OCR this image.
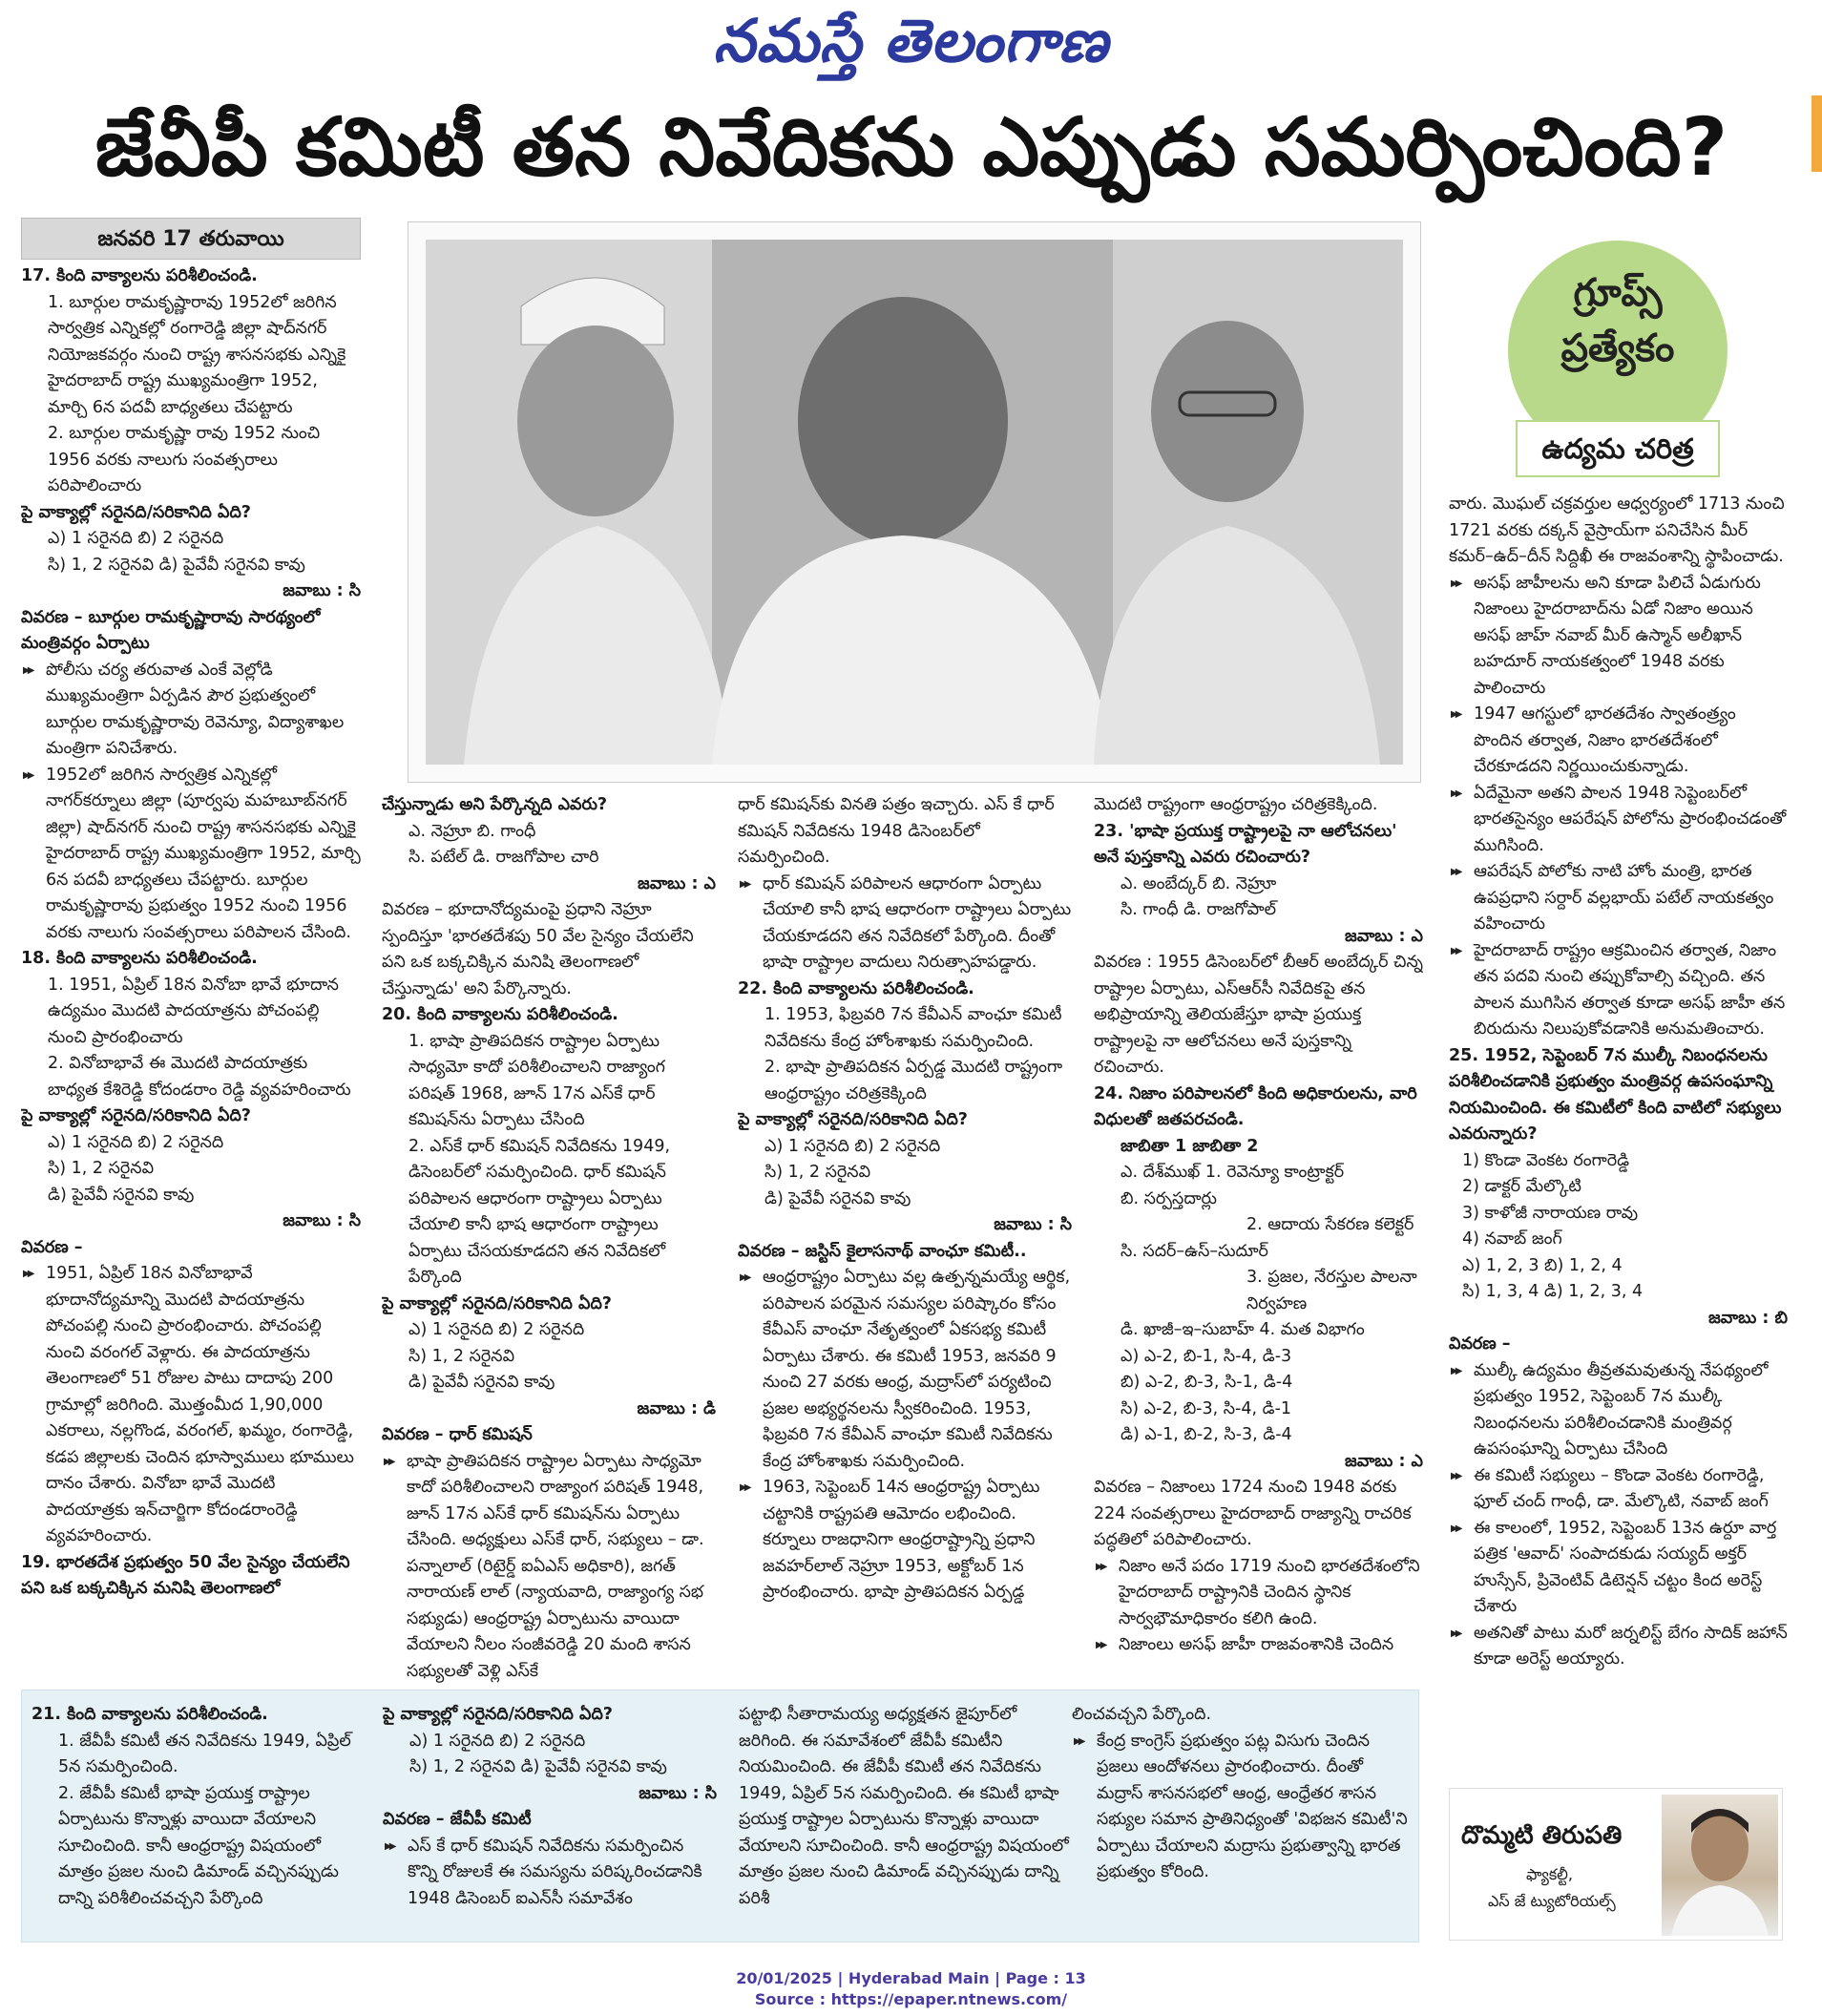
నమస్తే తెలంగాణ
జేవీపీ కమిటీ తన నివేదికను ఎప్పుడు సమర్పించింది?
జనవరి 17 తరువాయి

17. కింది వాక్యాలను పరిశీలించండి.

1. బూర్గుల రామకృష్ణారావు 1952లో జరిగిన సార్వత్రిక ఎన్నికల్లో రంగారెడ్డి జిల్లా షాద్‌నగర్ నియోజకవర్గం నుంచి రాష్ట్ర శాసనసభకు ఎన్నికై హైదరాబాద్ రాష్ట్ర ముఖ్యమంత్రిగా 1952, మార్చి 6న పదవీ బాధ్యతలు చేపట్టారు

2. బూర్గుల రామకృష్ణా రావు 1952 నుంచి 1956 వరకు నాలుగు సంవత్సరాలు పరిపాలించారు

పై వాక్యాల్లో సరైనది/సరికానిది ఏది?

ఎ) 1 సరైనది బి) 2 సరైనది

సి) 1, 2 సరైనవి డి) పైవేవీ సరైనవి కావు

జవాబు : సి

వివరణ – బూర్గుల రామకృష్ణారావు సారథ్యంలో మంత్రివర్గం ఏర్పాటు

▶▶ పోలీసు చర్య తరువాత ఎంకే వెల్లోడి ముఖ్యమంత్రిగా ఏర్పడిన పౌర ప్రభుత్వంలో బూర్గుల రామకృష్ణారావు రెవెన్యూ, విద్యాశాఖల మంత్రిగా పనిచేశారు.

▶▶ 1952లో జరిగిన సార్వత్రిక ఎన్నికల్లో నాగర్‌కర్నూలు జిల్లా (పూర్వపు మహబూబ్‌నగర్ జిల్లా) షాద్‌నగర్ నుంచి రాష్ట్ర శాసనసభకు ఎన్నికై హైదరాబాద్ రాష్ట్ర ముఖ్యమంత్రిగా 1952, మార్చి 6న పదవీ బాధ్యతలు చేపట్టారు. బూర్గుల రామకృష్ణారావు ప్రభుత్వం 1952 నుంచి 1956 వరకు నాలుగు సంవత్సరాలు పరిపాలన చేసింది.

18. కింది వాక్యాలను పరిశీలించండి.

1. 1951, ఏప్రిల్ 18న వినోబా భావే భూదాన ఉద్యమం మొదటి పాదయాత్రను పోచంపల్లి నుంచి ప్రారంభించారు

2. వినోబాభావే ఈ మొదటి పాదయాత్రకు బాధ్యత కేశిరెడ్డి కోదండరాం రెడ్డి వ్యవహరించారు

పై వాక్యాల్లో సరైనది/సరికానిది ఏది?

ఎ) 1 సరైనది బి) 2 సరైనది

సి) 1, 2 సరైనవి

డి) పైవేవీ సరైనవి కావు

జవాబు : సి

వివరణ –

▶▶ 1951, ఏప్రిల్ 18న వినోబాభావే భూదానోద్యమాన్ని మొదటి పాదయాత్రను పోచంపల్లి నుంచి ప్రారంభించారు. పోచంపల్లి నుంచి వరంగల్ వెళ్లారు. ఈ పాదయాత్రను తెలంగాణలో 51 రోజుల పాటు దాదాపు 200 గ్రామాల్లో జరిగింది. మొత్తంమీద 1,90,000 ఎకరాలు, నల్లగొండ, వరంగల్, ఖమ్మం, రంగారెడ్డి, కడప జిల్లాలకు చెందిన భూస్వాములు భూములు దానం చేశారు. వినోబా భావే మొదటి పాదయాత్రకు ఇన్‌చార్జిగా కోదండరాంరెడ్డి వ్యవహరించారు.

19. భారతదేశ ప్రభుత్వం 50 వేల సైన్యం చేయలేని పని ఒక బక్కచిక్కిన మనిషి తెలంగాణలో

గ్రూప్స్
ప్రత్యేకం
ఉద్యమ చరిత్ర

చేస్తున్నాడు అని పేర్కొన్నది ఎవరు?

ఎ. నెహ్రూ బి. గాంధీ

సి. పటేల్ డి. రాజగోపాల చారి

జవాబు : ఎ

వివరణ – భూదానోద్యమంపై ప్రధాని నెహ్రూ స్పందిస్తూ 'భారతదేశపు 50 వేల సైన్యం చేయలేని పని ఒక బక్కచిక్కిన మనిషి తెలంగాణలో చేస్తున్నాడు' అని పేర్కొన్నారు.

20. కింది వాక్యాలను పరిశీలించండి.

1. భాషా ప్రాతిపదికన రాష్ట్రాల ఏర్పాటు సాధ్యమో కాదో పరిశీలించాలని రాజ్యాంగ పరిషత్ 1968, జూన్ 17న ఎస్‌కే ధార్ కమిషన్‌ను ఏర్పాటు చేసింది

2. ఎస్‌కే ధార్ కమిషన్ నివేదికను 1949, డిసెంబర్‌లో సమర్పించింది. ధార్ కమిషన్ పరిపాలన ఆధారంగా రాష్ట్రాలు ఏర్పాటు చేయాలి కానీ భాష ఆధారంగా రాష్ట్రాలు ఏర్పాటు చేసయకూడదని తన నివేదికలో పేర్కొంది

పై వాక్యాల్లో సరైనది/సరికానిది ఏది?

ఎ) 1 సరైనది బి) 2 సరైనది

సి) 1, 2 సరైనవి

డి) పైవేవీ సరైనవి కావు

జవాబు : డి

వివరణ – ధార్ కమిషన్

▶▶ భాషా ప్రాతిపదికన రాష్ట్రాల ఏర్పాటు సాధ్యమో కాదో పరిశీలించాలని రాజ్యాంగ పరిషత్ 1948, జూన్ 17న ఎస్‌కే ధార్ కమిషన్‌ను ఏర్పాటు చేసింది. అధ్యక్షులు ఎస్‌కే ధార్, సభ్యులు – డా. పన్నాలాల్ (రిటైర్డ్ ఐఏఎస్ అధికారి), జగత్ నారాయణ్ లాల్ (న్యాయవాది, రాజ్యాంగ్య సభ సభ్యుడు) ఆంధ్రరాష్ట్ర ఏర్పాటును వాయిదా వేయాలని నీలం సంజీవరెడ్డి 20 మంది శాసన సభ్యులతో వెళ్లి ఎస్‌కే

ధార్ కమిషన్‌కు వినతి పత్రం ఇచ్చారు. ఎస్ కే ధార్ కమిషన్ నివేదికను 1948 డిసెంబర్‌లో సమర్పించింది.

▶▶ ధార్ కమిషన్ పరిపాలన ఆధారంగా ఏర్పాటు చేయాలి కానీ భాష ఆధారంగా రాష్ట్రాలు ఏర్పాటు చేయకూడదని తన నివేదికలో పేర్కొంది. దీంతో భాషా రాష్ట్రాల వాదులు నిరుత్సాహపడ్డారు.

22. కింది వాక్యాలను పరిశీలించండి.

1. 1953, ఫిబ్రవరి 7న కేవీఎన్ వాంఛూ కమిటీ నివేదికను కేంద్ర హోంశాఖకు సమర్పించింది.

2. భాషా ప్రాతిపదికన ఏర్పడ్డ మొదటి రాష్ట్రంగా ఆంధ్రరాష్ట్రం చరిత్రకెక్కింది

పై వాక్యాల్లో సరైనది/సరికానిది ఏది?

ఎ) 1 సరైనది బి) 2 సరైనది

సి) 1, 2 సరైనవి

డి) పైవేవీ సరైనవి కావు

జవాబు : సి

వివరణ – జస్టిస్ కైలాసనాథ్ వాంఛూ కమిటీ..

▶▶ ఆంధ్రరాష్ట్రం ఏర్పాటు వల్ల ఉత్పన్నమయ్యే ఆర్థిక, పరిపాలన పరమైన సమస్యల పరిష్కారం కోసం కేవీఎస్ వాంఛూ నేతృత్వంలో ఏకసభ్య కమిటీ ఏర్పాటు చేశారు. ఈ కమిటీ 1953, జనవరి 9 నుంచి 27 వరకు ఆంధ్ర, మద్రాస్‌లో పర్యటించి ప్రజల అభ్యర్థనలను స్వీకరించింది. 1953, ఫిబ్రవరి 7న కేవీఎన్ వాంఛూ కమిటీ నివేదికను కేంద్ర హోంశాఖకు సమర్పించింది.

▶▶ 1963, సెప్టెంబర్ 14న ఆంధ్రరాష్ట్ర ఏర్పాటు చట్టానికి రాష్ట్రపతి ఆమోదం లభించింది. కర్నూలు రాజధానిగా ఆంధ్రరాష్ట్రాన్ని ప్రధాని జవహర్‌లాల్ నెహ్రూ 1953, అక్టోబర్ 1న ప్రారంభించారు. భాషా ప్రాతిపదికన ఏర్పడ్డ

మొదటి రాష్ట్రంగా ఆంధ్రరాష్ట్రం చరిత్రకెక్కింది.

23. 'భాషా ప్రయుక్త రాష్ట్రాలపై నా ఆలోచనలు' అనే పుస్తకాన్ని ఎవరు రచించారు?

ఎ. అంబేద్కర్ బి. నెహ్రూ

సి. గాంధీ డి. రాజగోపాల్

జవాబు : ఎ

వివరణ : 1955 డిసెంబర్‌లో బీఆర్ అంబేద్కర్ చిన్న రాష్ట్రాల ఏర్పాటు, ఎస్ఆర్‌సీ నివేదికపై తన అభిప్రాయాన్ని తెలియజేస్తూ భాషా ప్రయుక్త రాష్ట్రాలపై నా ఆలోచనలు అనే పుస్తకాన్ని రచించారు.

24. నిజాం పరిపాలనలో కింది అధికారులను, వారి విధులతో జతపరచండి.

జాబితా 1 జాబితా 2

ఎ. దేశ్‌ముఖ్ 1. రెవెన్యూ కాంట్రాక్టర్

బి. సర్పస్తదార్లు

2. ఆదాయ సేకరణ కలెక్టర్

సి. సదర్–ఉస్–సుదూర్

3. ప్రజల, నేరస్తుల పాలనా నిర్వహణ

డి. ఖాజీ–ఇ–సుబాహ్ 4. మత విభాగం

ఎ) ఎ-2, బి-1, సి-4, డి-3

బి) ఎ-2, బి-3, సి-1, డి-4

సి) ఎ-2, బి-3, సి-4, డి-1

డి) ఎ-1, బి-2, సి-3, డి-4

జవాబు : ఎ

వివరణ – నిజాంలు 1724 నుంచి 1948 వరకు 224 సంవత్సరాలు హైదరాబాద్ రాజ్యాన్ని రాచరిక పద్ధతిలో పరిపాలించారు.

▶▶ నిజాం అనే పదం 1719 నుంచి భారతదేశంలోని హైదరాబాద్ రాష్ట్రానికి చెందిన స్థానిక సార్వభౌమాధికారం కలిగి ఉంది.

▶▶ నిజాంలు అసఫ్ జాహీ రాజవంశానికి చెందిన

వారు. మొఘల్ చక్రవర్తుల ఆధ్వర్యంలో 1713 నుంచి 1721 వరకు దక్కన్ వైస్రాయ్‌గా పనిచేసిన మీర్ కమర్–ఉద్–దీన్ సిద్దిఖీ ఈ రాజవంశాన్ని స్థాపించాడు.

▶▶ అసఫ్ జాహీలను అని కూడా పిలిచే ఏడుగురు నిజాంలు హైదరాబాద్‌ను ఏడో నిజాం అయిన అసఫ్ జాహ్ నవాబ్ మీర్ ఉస్మాన్ అలీఖాన్ బహదూర్ నాయకత్వంలో 1948 వరకు పాలించారు

▶▶ 1947 ఆగస్టులో భారతదేశం స్వాతంత్ర్యం పొందిన తర్వాత, నిజాం భారతదేశంలో చేరకూడదని నిర్ణయించుకున్నాడు.

▶▶ ఏదేమైనా అతని పాలన 1948 సెప్టెంబర్‌లో భారతసైన్యం ఆపరేషన్ పోలోను ప్రారంభించడంతో ముగిసింది.

▶▶ ఆపరేషన్ పోలోకు నాటి హోం మంత్రి, భారత ఉపప్రధాని సర్దార్ వల్లభాయ్ పటేల్ నాయకత్వం వహించారు

▶▶ హైదరాబాద్ రాష్ట్రం ఆక్రమించిన తర్వాత, నిజాం తన పదవి నుంచి తప్పుకోవాల్సి వచ్చింది. తన పాలన ముగిసిన తర్వాత కూడా అసఫ్ జాహీ తన బిరుదును నిలుపుకోవడానికి అనుమతించారు.

25. 1952, సెప్టెంబర్ 7న ముల్కీ నిబంధనలను పరిశీలించడానికి ప్రభుత్వం మంత్రివర్గ ఉపసంఘాన్ని నియమించింది. ఈ కమిటీలో కింది వాటిలో సభ్యులు ఎవరున్నారు?

1) కొండా వెంకట రంగారెడ్డి

2) డాక్టర్ మేల్కొటి

3) కాళోజీ నారాయణ రావు

4) నవాబ్ జంగ్

ఎ) 1, 2, 3 బి) 1, 2, 4

సి) 1, 3, 4 డి) 1, 2, 3, 4

జవాబు : బి

వివరణ –

▶▶ ముల్కీ ఉద్యమం తీవ్రతమవుతున్న నేపథ్యంలో ప్రభుత్వం 1952, సెప్టెంబర్ 7న ముల్కీ నిబంధనలను పరిశీలించడానికి మంత్రివర్గ ఉపసంఘాన్ని ఏర్పాటు చేసింది

▶▶ ఈ కమిటీ సభ్యులు – కొండా వెంకట రంగారెడ్డి, ఫూల్ చంద్ గాంధీ, డా. మేల్కొటి, నవాబ్ జంగ్

▶▶ ఈ కాలంలో, 1952, సెప్టెంబర్ 13న ఉర్దూ వార్త పత్రిక 'ఆవాద్' సంపాదకుడు సయ్యద్ అక్తర్ హుస్సేన్, ప్రివెంటివ్ డిటెన్షన్ చట్టం కింద అరెస్ట్ చేశారు

▶▶ అతనితో పాటు మరో జర్నలిస్ట్ బేగం సాదిక్ జహాన్ కూడా అరెస్ట్ అయ్యారు.

21. కింది వాక్యాలను పరిశీలించండి.

1. జేవీపీ కమిటీ తన నివేదికను 1949, ఏప్రిల్ 5న సమర్పించింది.

2. జేవీపీ కమిటీ భాషా ప్రయుక్త రాష్ట్రాల ఏర్పాటును కొన్నాళ్లు వాయిదా వేయాలని సూచించింది. కానీ ఆంధ్రరాష్ట్ర విషయంలో మాత్రం ప్రజల నుంచి డిమాండ్ వచ్చినప్పుడు దాన్ని పరిశీలించవచ్చని పేర్కొంది

పై వాక్యాల్లో సరైనది/సరికానిది ఏది?

ఎ) 1 సరైనది బి) 2 సరైనది

సి) 1, 2 సరైనవి డి) పైవేవీ సరైనవి కావు

జవాబు : సి

వివరణ – జేవీపీ కమిటీ

▶▶ ఎస్ కే ధార్ కమిషన్ నివేదికను సమర్పించిన కొన్ని రోజులకే ఈ సమస్యను పరిష్కరించడానికి 1948 డిసెంబర్ ఐఎన్‌సీ సమావేశం

పట్టాభి సీతారామయ్య అధ్యక్షతన జైపూర్‌లో జరిగింది. ఈ సమావేశంలో జేవీపీ కమిటీని నియమించింది. ఈ జేవీపీ కమిటీ తన నివేదికను 1949, ఏప్రిల్ 5న సమర్పించింది. ఈ కమిటీ భాషా ప్రయుక్త రాష్ట్రాల ఏర్పాటును కొన్నాళ్లు వాయిదా వేయాలని సూచించింది. కానీ ఆంధ్రరాష్ట్ర విషయంలో మాత్రం ప్రజల నుంచి డిమాండ్ వచ్చినప్పుడు దాన్ని పరిశీ

లించవచ్చని పేర్కొంది.

▶▶ కేంద్ర కాంగ్రెస్ ప్రభుత్వం పట్ల విసుగు చెందిన ప్రజలు ఆందోళనలు ప్రారంభించారు. దీంతో మద్రాస్ శాసనసభలో ఆంధ్ర, ఆంధ్రేతర శాసన సభ్యుల సమాన ప్రాతినిధ్యంతో 'విభజన కమిటీ'ని ఏర్పాటు చేయాలని మద్రాసు ప్రభుత్వాన్ని భారత ప్రభుత్వం కోరింది.

దొమ్మటి తిరుపతి
ఫ్యాకల్టీ,
ఎస్ జే ట్యుటోరియల్స్
20/01/2025 | Hyderabad Main | Page : 13
Source : https://epaper.ntnews.com/
